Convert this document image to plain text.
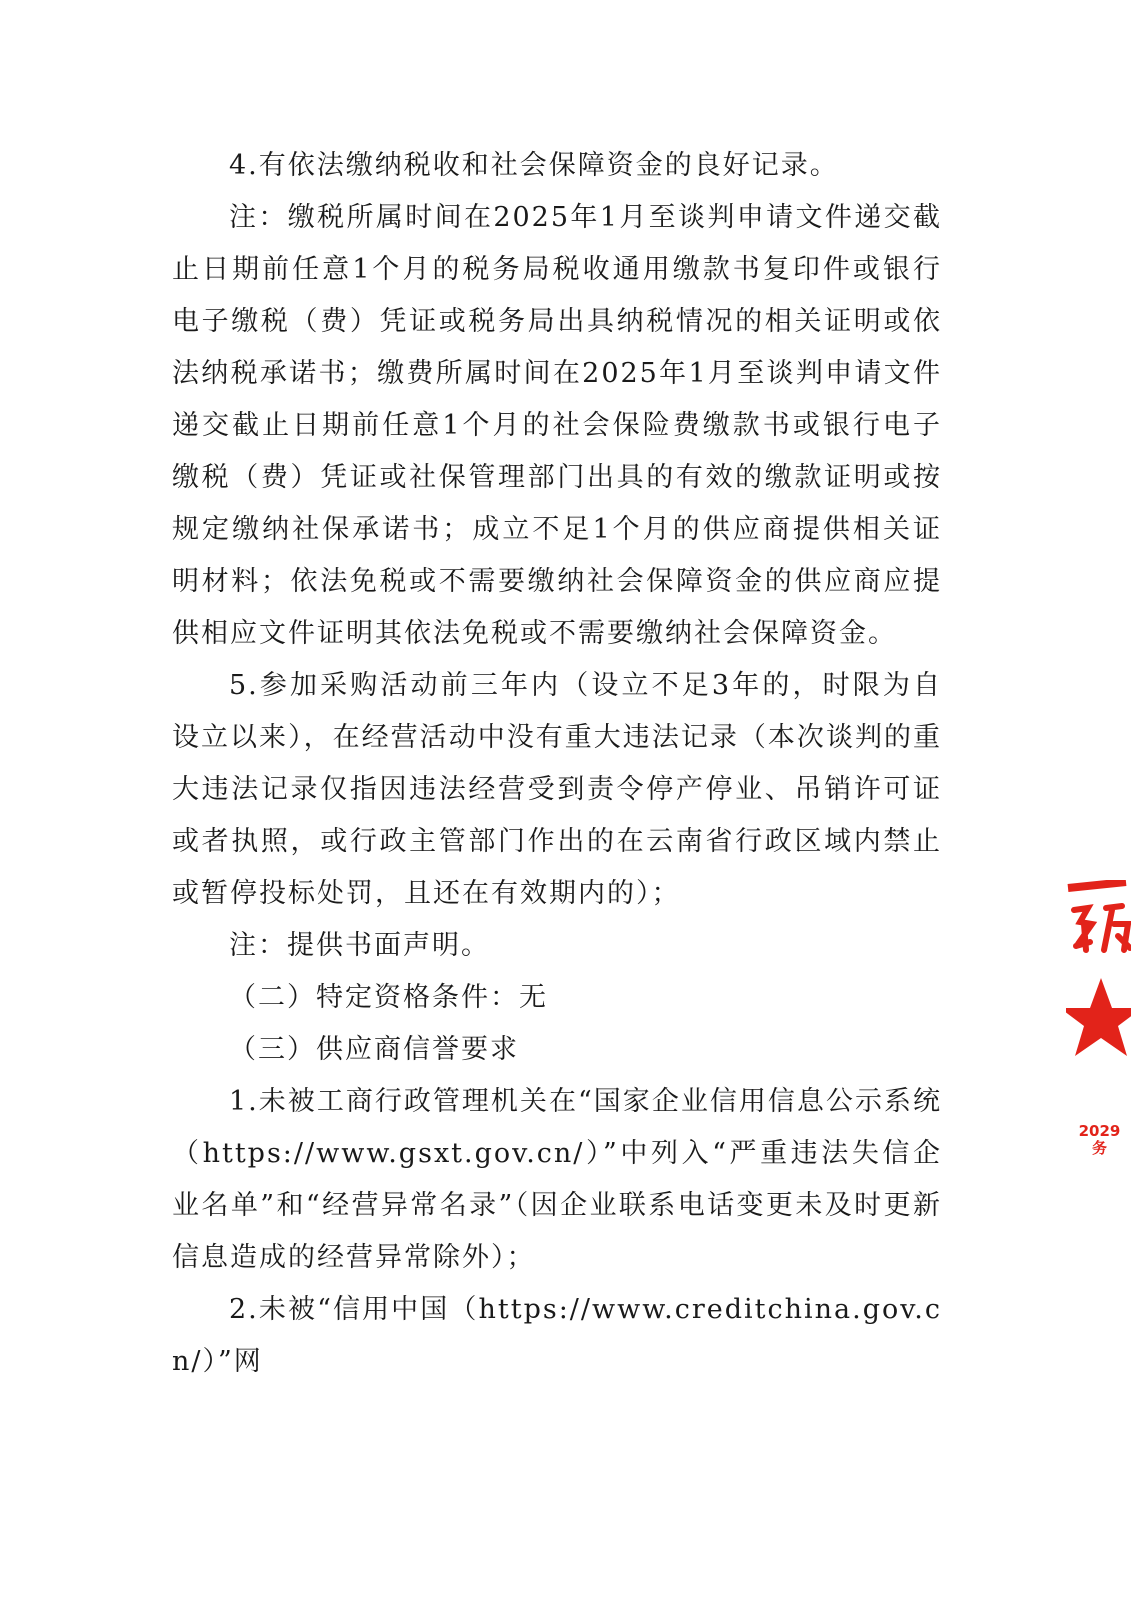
4.有依法缴纳税收和社会保障资金的良好记录。

注：缴税所属时间在2025年1月至谈判申请文件递交截止日期前任意1个月的税务局税收通用缴款书复印件或银行电子缴税（费）凭证或税务局出具纳税情况的相关证明或依法纳税承诺书；缴费所属时间在2025年1月至谈判申请文件递交截止日期前任意1个月的社会保险费缴款书或银行电子缴税（费）凭证或社保管理部门出具的有效的缴款证明或按规定缴纳社保承诺书；成立不足1个月的供应商提供相关证明材料；依法免税或不需要缴纳社会保障资金的供应商应提供相应文件证明其依法免税或不需要缴纳社会保障资金。

5.参加采购活动前三年内（设立不足3年的，时限为自设立以来），在经营活动中没有重大违法记录（本次谈判的重大违法记录仅指因违法经营受到责令停产停业、吊销许可证或者执照，或行政主管部门作出的在云南省行政区域内禁止或暂停投标处罚，且还在有效期内的）；

注：提供书面声明。

（二）特定资格条件：无

（三）供应商信誉要求

1.未被工商行政管理机关在“国家企业信用信息公示系统（https://www.gsxt.gov.cn/）”中列入“严重违法失信企业名单”和“经营异常名录”（因企业联系电话变更未及时更新信息造成的经营异常除外）；

2.未被“信用中国（https://www.creditchina.gov.cn/）”网

2029
务
